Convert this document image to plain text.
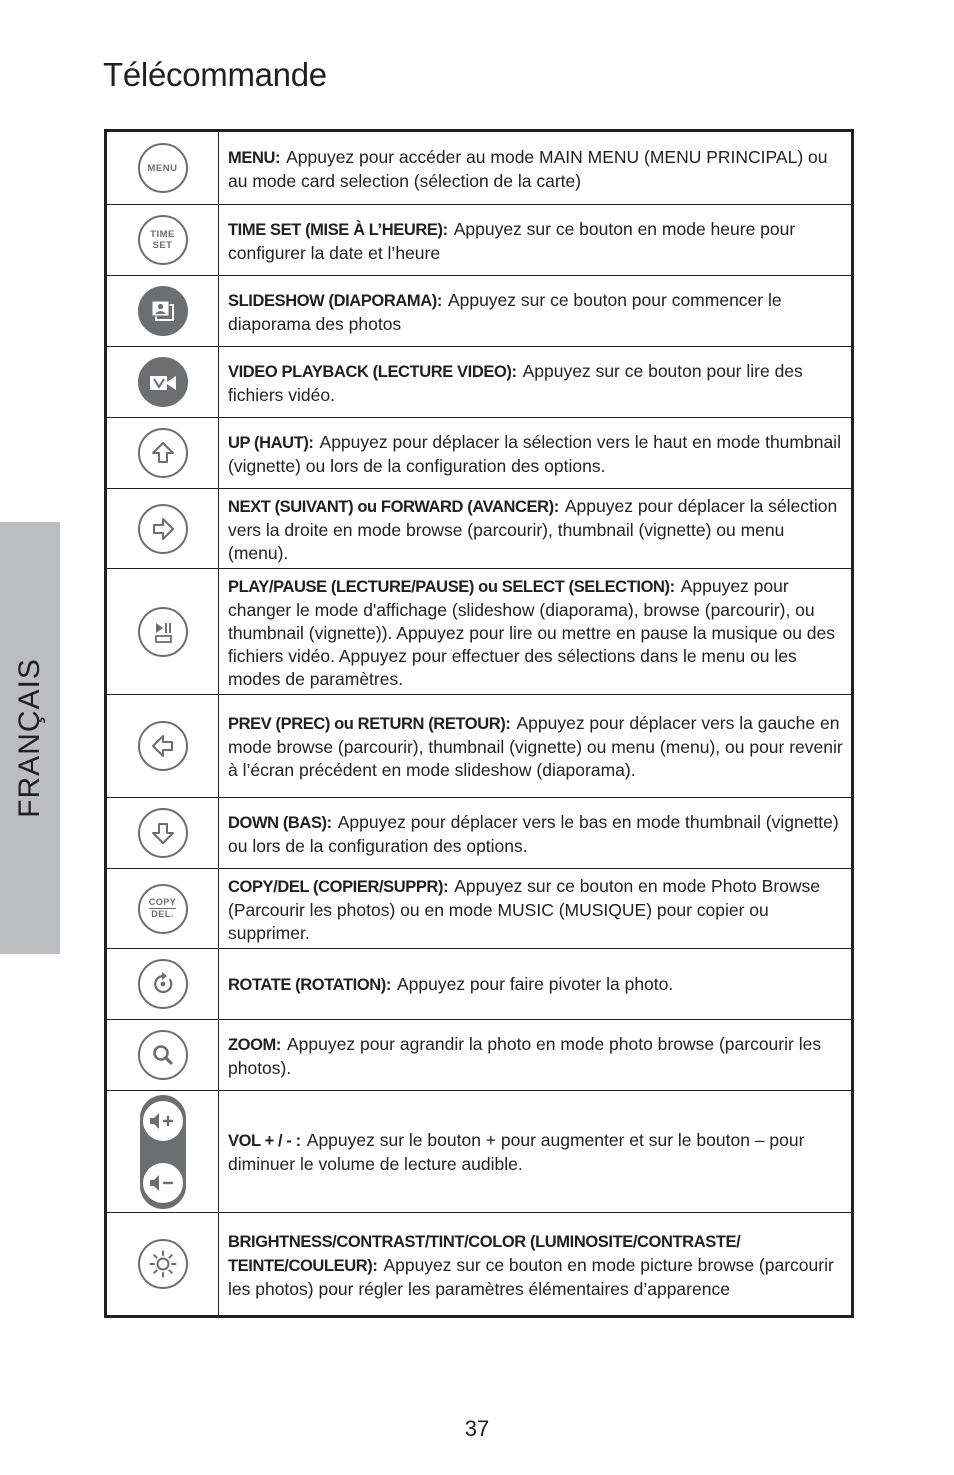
Télécommande
FRANÇAIS
MENU

MENU: Appuyez pour accéder au mode MAIN MENU (MENU PRINCIPAL) ou au mode card selection (sélection de la carte)

TIME
SET

TIME SET (MISE À L’HEURE): Appuyez sur ce bouton en mode heure pour configurer la date et l’heure

SLIDESHOW (DIAPORAMA): Appuyez sur ce bouton pour commencer le diaporama des photos

VIDEO PLAYBACK (LECTURE VIDEO): Appuyez sur ce bouton pour lire des fichiers vidéo.

UP (HAUT): Appuyez pour déplacer la sélection vers le haut en mode thumbnail (vignette) ou lors de la configuration des options.

NEXT (SUIVANT) ou FORWARD (AVANCER): Appuyez pour déplacer la sélection vers la droite en mode browse (parcourir), thumbnail (vignette) ou menu (menu).

PLAY/PAUSE (LECTURE/PAUSE) ou SELECT (SELECTION): Appuyez pour changer le mode d'affichage (slideshow (diaporama), browse (parcourir), ou thumbnail (vignette)). Appuyez pour lire ou mettre en pause la musique ou des fichiers vidéo. Appuyez pour effectuer des sélections dans le menu ou les modes de paramètres.

PREV (PREC) ou RETURN (RETOUR): Appuyez pour déplacer vers la gauche en mode browse (parcourir), thumbnail (vignette) ou menu (menu), ou pour revenir à l’écran précédent en mode slideshow (diaporama).

DOWN (BAS): Appuyez pour déplacer vers le bas en mode thumbnail (vignette) ou lors de la configuration des options.

COPY
DEL.

COPY/DEL (COPIER/SUPPR): Appuyez sur ce bouton en mode Photo Browse (Parcourir les photos) ou en mode MUSIC (MUSIQUE) pour copier ou supprimer.

ROTATE (ROTATION): Appuyez pour faire pivoter la photo.

ZOOM: Appuyez pour agrandir la photo en mode photo browse (parcourir les photos).

VOL + / - : Appuyez sur le bouton + pour augmenter et sur le bouton – pour diminuer le volume de lecture audible.

BRIGHTNESS/CONTRAST/TINT/COLOR (LUMINOSITE/CONTRASTE/ TEINTE/COULEUR): Appuyez sur ce bouton en mode picture browse (parcourir les photos) pour régler les paramètres élémentaires d’apparence

37
